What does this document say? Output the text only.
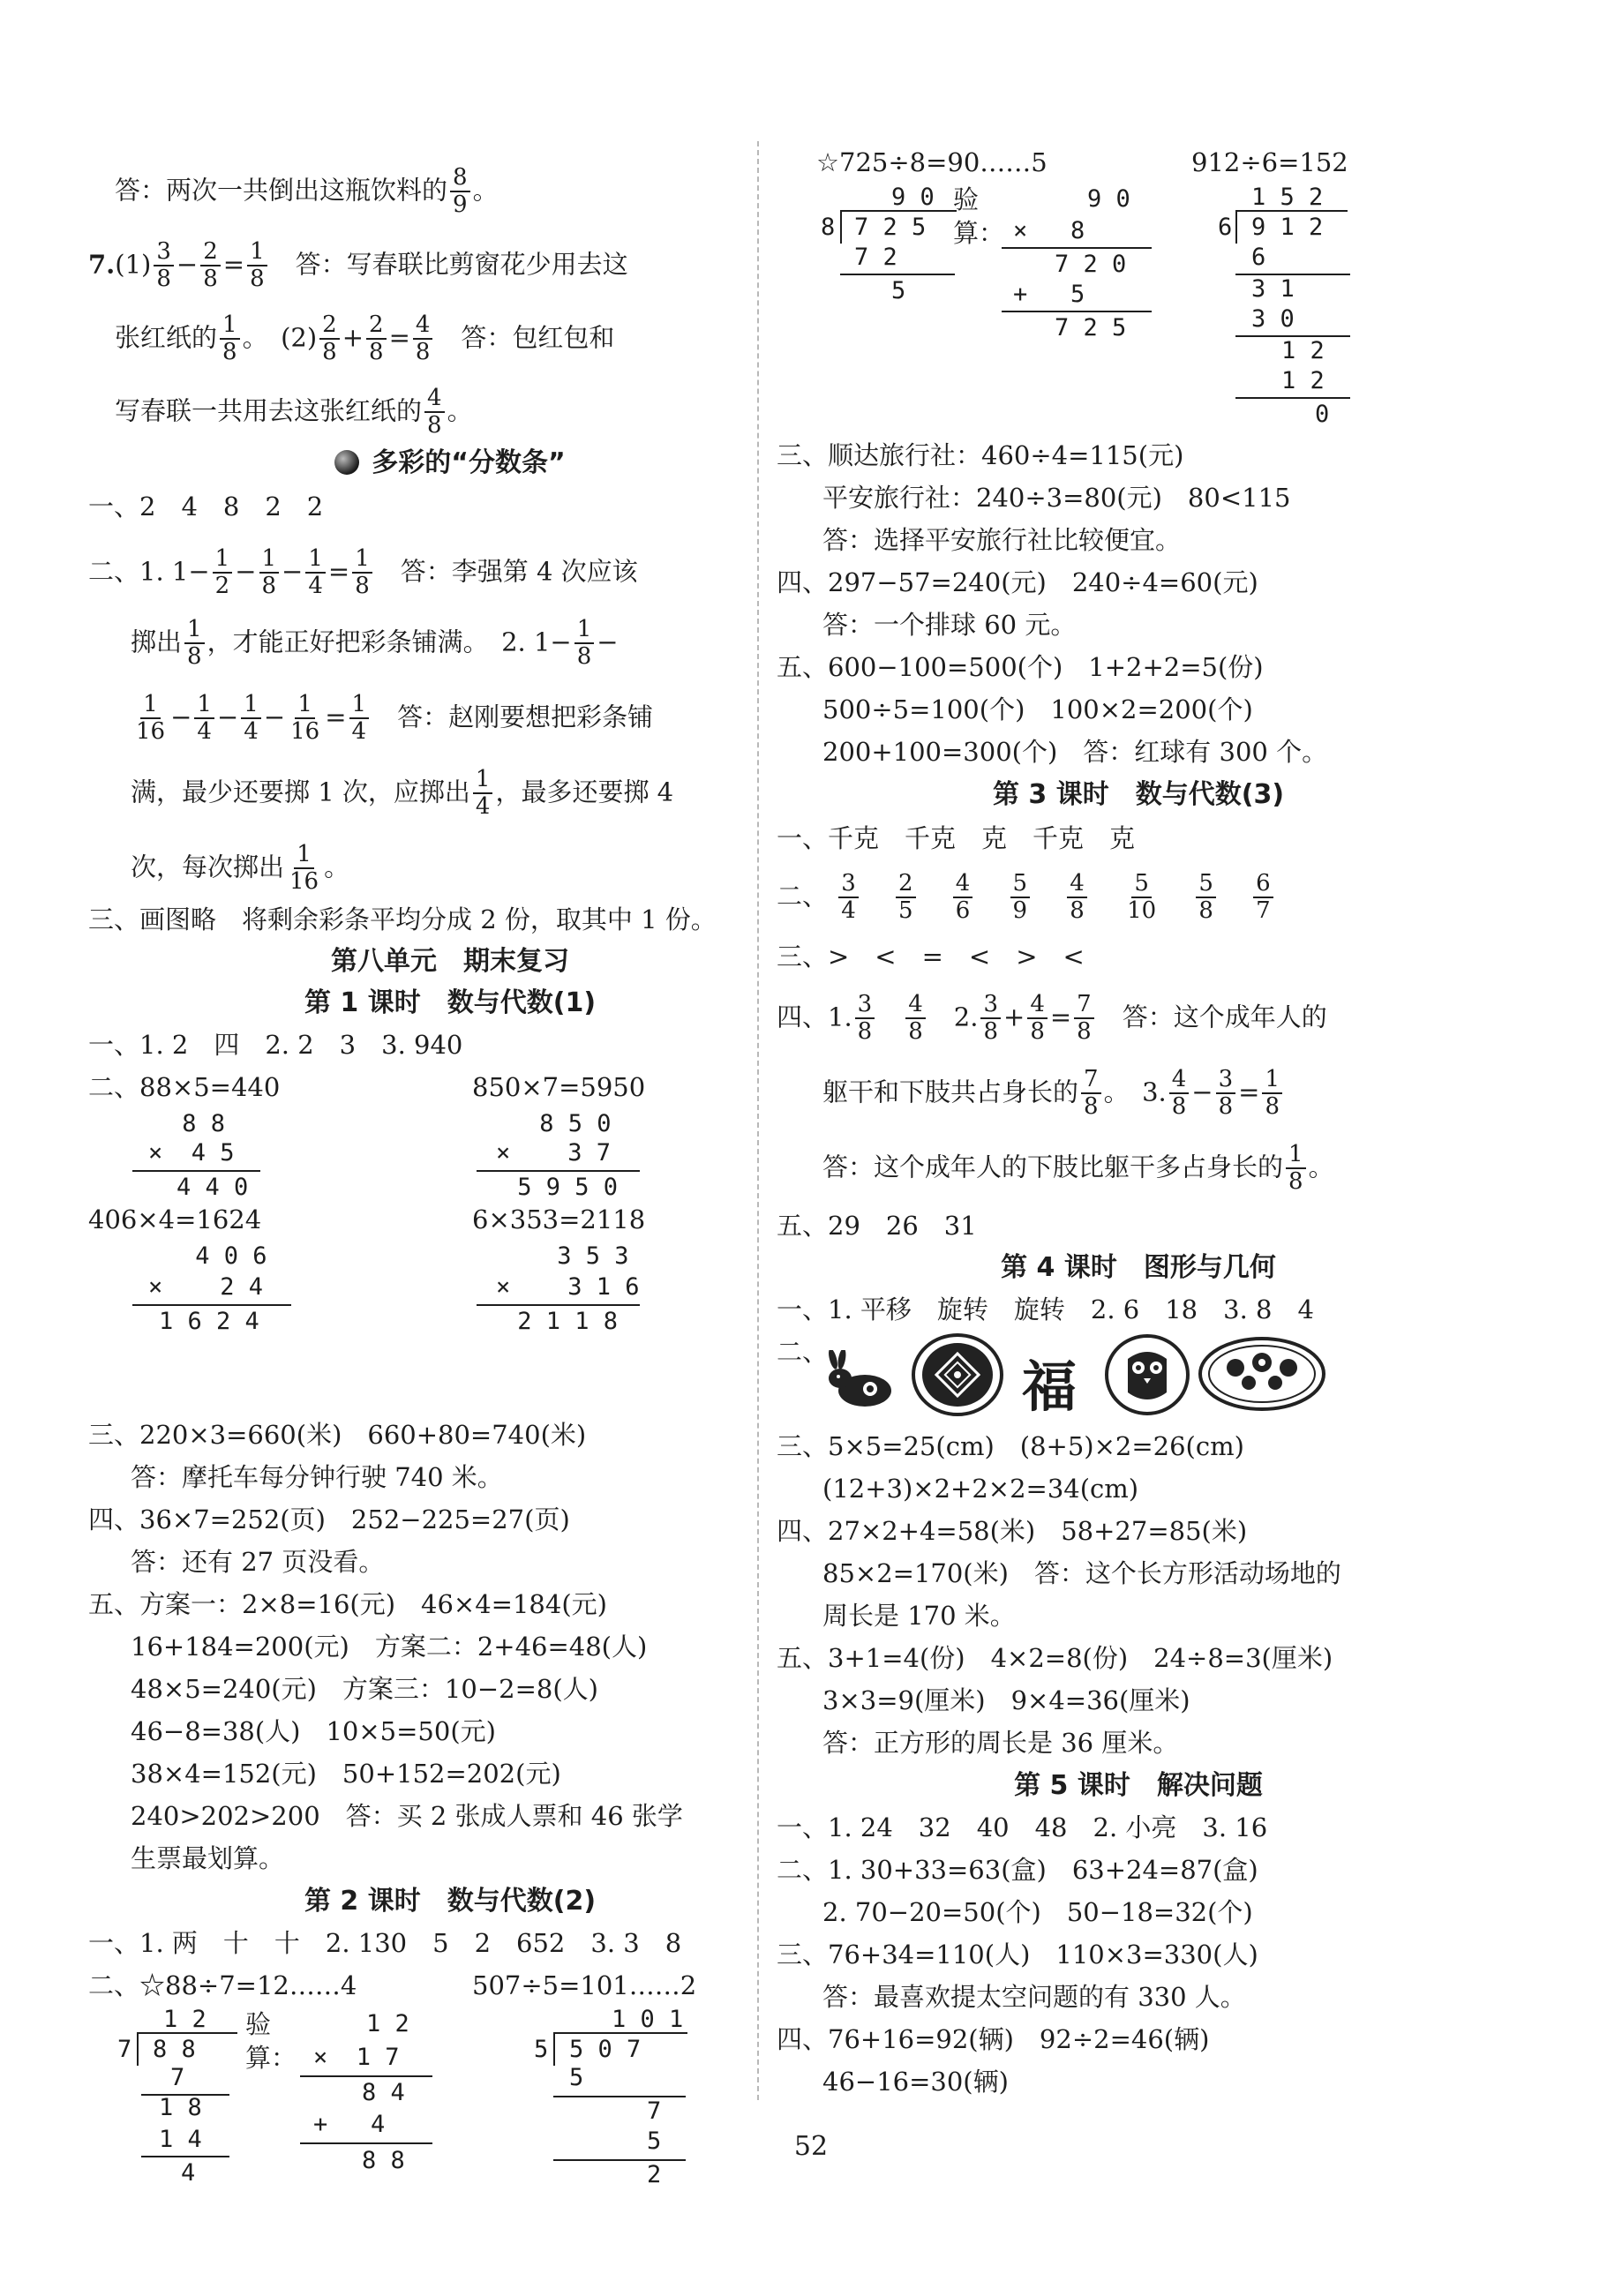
答：两次一共倒出这瓶饮料的 $\frac{8}{9}$ 。
$7.(1) \frac{3}{8} - \frac{2}{8} = \frac{1}{8}$ 　答：写春联比剪窗花少用去这
张红纸的 $\frac{1}{8}$ 。　$(2) \frac{2}{8} + \frac{2}{8} = \frac{4}{8}$ 　答：包红包和
写春联一共用去这张红纸的 $\frac{4}{8}$ 。
多彩的“分数条”
一、2　4　8　2　2
二、1. $1- \frac{1}{2} - \frac{1}{8} - \frac{1}{4} = \frac{1}{8}$ 　答：李强第 4 次应该
掷出 $\frac{1}{8}$ ，才能正好把彩条铺满。　2. $1- \frac{1}{8}$ −
$\frac{1}{16} - \frac{1}{4} - \frac{1}{4} - \frac{1}{16} = \frac{1}{4}$ 　答：赵刚要想把彩条铺
满，最少还要掷 1 次，应掷出 $\frac{1}{4}$ ，最多还要掷 4
次，每次掷出 $\frac{1}{16}$ 。
三、画图略　将剩余彩条平均分成 2 份，取其中 1 份。
第八单元　期末复习
第 1 课时　数与代数(1)
一、1. 2　四　2. 2　3　3. 940
二、88×5=440	850×7=5950
8 8
×  4 5
4 4 0
8 5 0
×    3 7
5 9 5 0
406×4=1624	6×353=2118
4 0 6
×    2 4
1 6 2 4
3 5 3
×    3 1 6
2 1 1 8
三、220×3=660(米)　660+80=740(米)
答：摩托车每分钟行驶 740 米。
四、36×7=252(页)　252−225=27(页)
答：还有 27 页没看。
五、方案一：2×8=16(元)　46×4=184(元)
16+184=200(元)　方案二：2+46=48(人)
48×5=240(元)　方案三：10−2=8(人)
46−8=38(人)　10×5=50(元)
38×4=152(元)　50+152=202(元)
240>202>200　答：买 2 张成人票和 46 张学
生票最划算。
第 2 课时　数与代数(2)
一、1. 两　十　十　2. 130　5　2　652　3. 3　8
二、☆88÷7=12……4	507÷5=101……2
1 2
7 8 8
7
1 8
1 4
4
验
算：
1 2
×  1 7
8 4
+   4
8 8
1 0 1
5 5 0 7
5
7
5
2
☆725÷8=90……5	912÷6=152
9 0
8 7 2 5
7 2
5
验
算：
9 0
×   8
7 2 0
+   5
7 2 5
1 5 2
6 9 1 2
6
3 1
3 0
1 2
1 2
0
三、顺达旅行社：460÷4=115(元)
平安旅行社：240÷3=80(元)　80<115
答：选择平安旅行社比较便宜。
四、297−57=240(元)　240÷4=60(元)
答：一个排球 60 元。
五、600−100=500(个)　1+2+2=5(份)
500÷5=100(个)　100×2=200(个)
200+100=300(个)　答：红球有 300 个。
第 3 课时　数与代数(3)
一、千克　千克　克　千克　克
二、 $\frac{3}{4}$
$\frac{2}{5}$
$\frac{4}{6}$
$\frac{5}{9}$
$\frac{4}{8}$
$\frac{5}{10}$
$\frac{5}{8}$
$\frac{6}{7}$
三、>　<　=　<　>　<
四、1. $\frac{3}{8}$
　 $\frac{4}{8}$ 　2. $\frac{3}{8} + \frac{4}{8} = \frac{7}{8}$ 　答：这个成年人的
躯干和下肢共占身长的 $\frac{7}{8}$ 。　3. $\frac{4}{8} - \frac{3}{8} = \frac{1}{8}$
答：这个成年人的下肢比躯干多占身长的 $\frac{1}{8}$ 。
五、29　26　31
第 4 课时　图形与几何
一、1. 平移　旋转　旋转　2. 6　18　3. 8　4
二、
福
三、5×5=25(cm)　(8+5)×2=26(cm)
(12+3)×2+2×2=34(cm)
四、27×2+4=58(米)　58+27=85(米)
85×2=170(米)　答：这个长方形活动场地的
周长是 170 米。
五、3+1=4(份)　4×2=8(份)　24÷8=3(厘米)
3×3=9(厘米)　9×4=36(厘米)
答：正方形的周长是 36 厘米。
第 5 课时　解决问题
一、1. 24　32　40　48　2. 小亮　3. 16
二、1. 30+33=63(盒)　63+24=87(盒)
2. 70−20=50(个)　50−18=32(个)
三、76+34=110(人)　110×3=330(人)
答：最喜欢提太空问题的有 330 人。
四、76+16=92(辆)　92÷2=46(辆)
46−16=30(辆)
52
